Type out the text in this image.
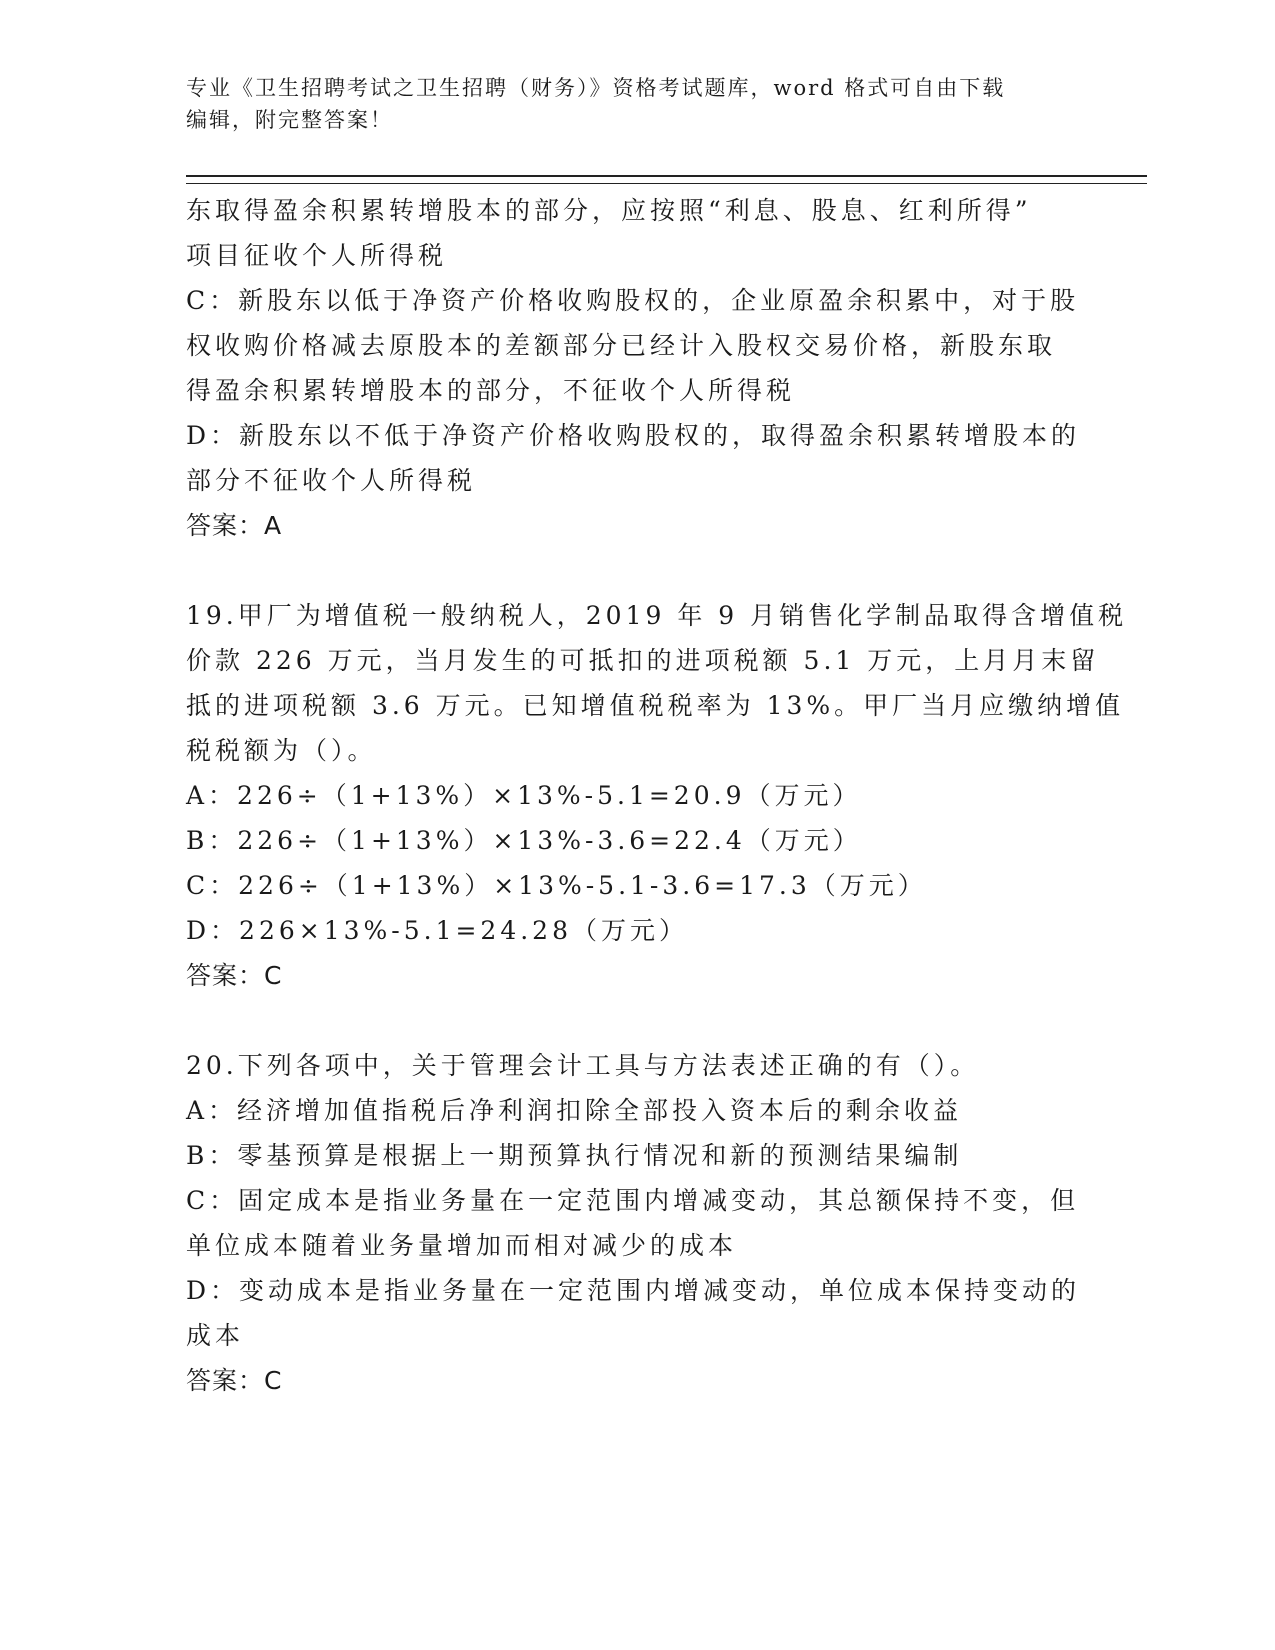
专业《卫生招聘考试之卫生招聘（财务）》资格考试题库，word 格式可自由下载
编辑，附完整答案！
东取得盈余积累转增股本的部分，应按照“利息、股息、红利所得”
项目征收个人所得税
C：新股东以低于净资产价格收购股权的，企业原盈余积累中，对于股
权收购价格减去原股本的差额部分已经计入股权交易价格，新股东取
得盈余积累转增股本的部分，不征收个人所得税
D：新股东以不低于净资产价格收购股权的，取得盈余积累转增股本的
部分不征收个人所得税
答案：A
19.甲厂为增值税一般纳税人，2019 年 9 月销售化学制品取得含增值税
价款 226 万元，当月发生的可抵扣的进项税额 5.1 万元，上月月末留
抵的进项税额 3.6 万元。已知增值税税率为 13%。甲厂当月应缴纳增值
税税额为（）。
A：226÷（1+13%）×13%-5.1=20.9（万元）
B：226÷（1+13%）×13%-3.6=22.4（万元）
C：226÷（1+13%）×13%-5.1-3.6=17.3（万元）
D：226×13%-5.1=24.28（万元）
答案：C
20.下列各项中，关于管理会计工具与方法表述正确的有（）。
A：经济增加值指税后净利润扣除全部投入资本后的剩余收益
B：零基预算是根据上一期预算执行情况和新的预测结果编制
C：固定成本是指业务量在一定范围内增减变动，其总额保持不变，但
单位成本随着业务量增加而相对减少的成本
D：变动成本是指业务量在一定范围内增减变动，单位成本保持变动的
成本
答案：C
